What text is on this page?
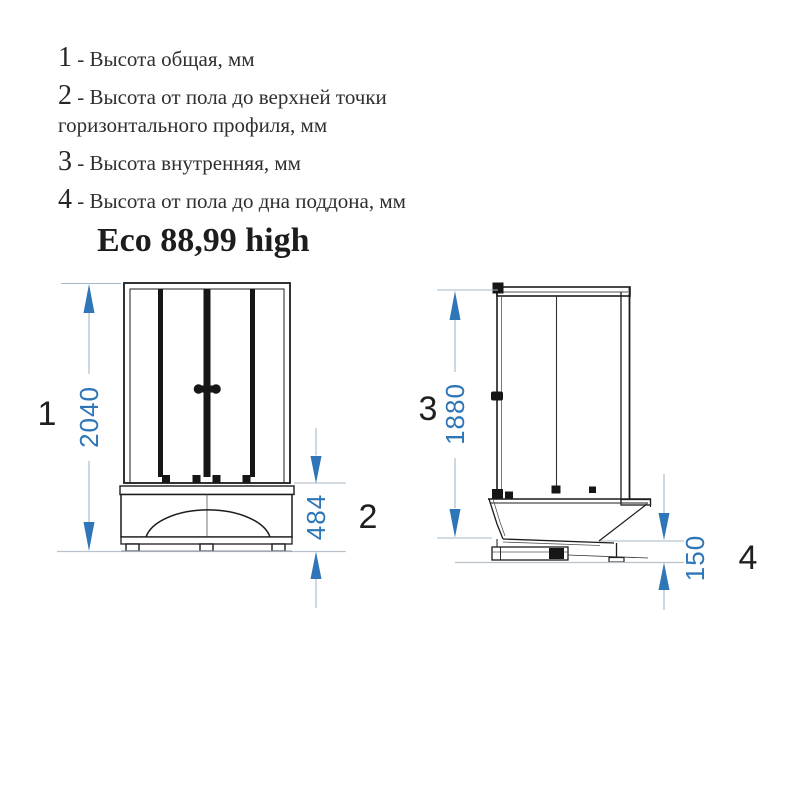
1 - Высота общая, мм
2 - Высота от пола до верхней точки горизонтального профиля, мм
3 - Высота внутренняя, мм
4 - Высота от пола до дна поддона, мм
Eco 88,99 high
2040
484
1880
150
1
2
3
4
